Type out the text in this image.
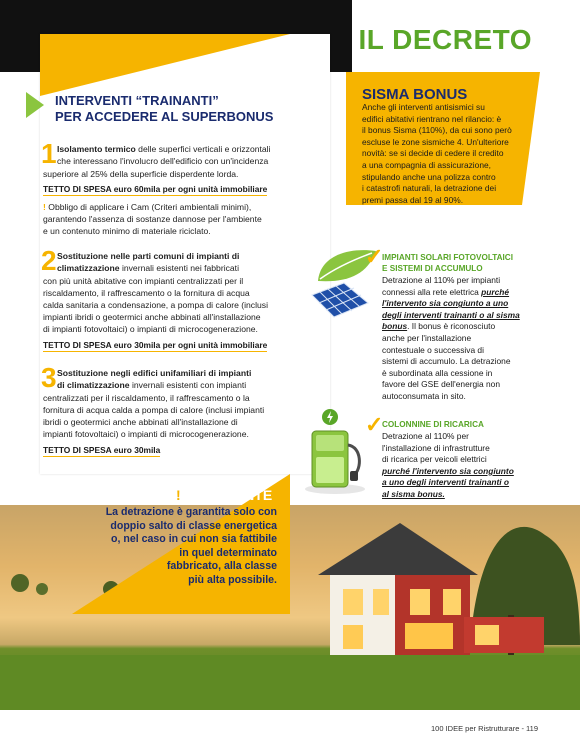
IL DECRETO
INTERVENTI “TRAINANTI”
PER ACCEDERE AL SUPERBONUS
1 Isolamento termico delle superfici verticali e orizzontali
che interessano l'involucro dell'edificio con un'incidenza
superiore al 25% della superficie disperdente lorda.
TETTO DI SPESA euro 60mila per ogni unità immobiliare
! Obbligo di applicare i Cam (Criteri ambientali minimi),
garantendo l'assenza di sostanze dannose per l'ambiente
e un contenuto minimo di materiale riciclato.
2 Sostituzione nelle parti comuni di impianti di
climatizzazione invernali esistenti nei fabbricati
con più unità abitative con impianti centralizzati per il
riscaldamento, il raffrescamento o la fornitura di acqua
calda sanitaria a condensazione, a pompa di calore (inclusi
impianti ibridi o geotermici anche abbinati all'installazione
di impianti fotovoltaici) o impianti di microcogenerazione.
TETTO DI SPESA euro 30mila per ogni unità immobiliare
3 Sostituzione negli edifici unifamiliari di impianti
di climatizzazione invernali esistenti con impianti
centralizzati per il riscaldamento, il raffrescamento o la
fornitura di acqua calda a pompa di calore (inclusi impianti
ibridi o geotermici anche abbinati all'installazione di
impianti fotovoltaici) o impianti di microcogenerazione.
TETTO DI SPESA euro 30mila
SISMA BONUS
Anche gli interventi antisismici su
edifici abitativi rientrano nel rilancio: è
il bonus Sisma (110%), da cui sono però
escluse le zone sismiche 4. Un'ulteriore
novità: se si decide di cedere il credito
a una compagnia di assicurazione,
stipulando anche una polizza contro
i catastrofi naturali, la detrazione dei
premi passa dal 19 al 90%.
✓
IMPIANTI SOLARI FOTOVOLTAICI
E SISTEMI DI ACCUMULO
Detrazione al 110% per impianti
connessi alla rete elettrica purché
l'intervento sia congiunto a uno
degli interventi trainanti o al sisma
bonus. Il bonus è riconosciuto
anche per l'installazione
contestuale o successiva di
sistemi di accumulo. La detrazione
è subordinata alla cessione in
favore del GSE dell'energia non
autoconsumata in sito.
✓
COLONNINE DI RICARICA
Detrazione al 110% per
l'installazione di infrastrutture
di ricarica per veicoli elettrici
purché l'intervento sia congiunto
a uno degli interventi trainanti o
al sisma bonus.
!IMPORTANTE!
La detrazione è garantita solo con
doppio salto di classe energetica
o, nel caso in cui non sia fattibile
in quel determinato
fabbricato, alla classe
più alta possibile.
100 IDEE per Ristrutturare - 119
